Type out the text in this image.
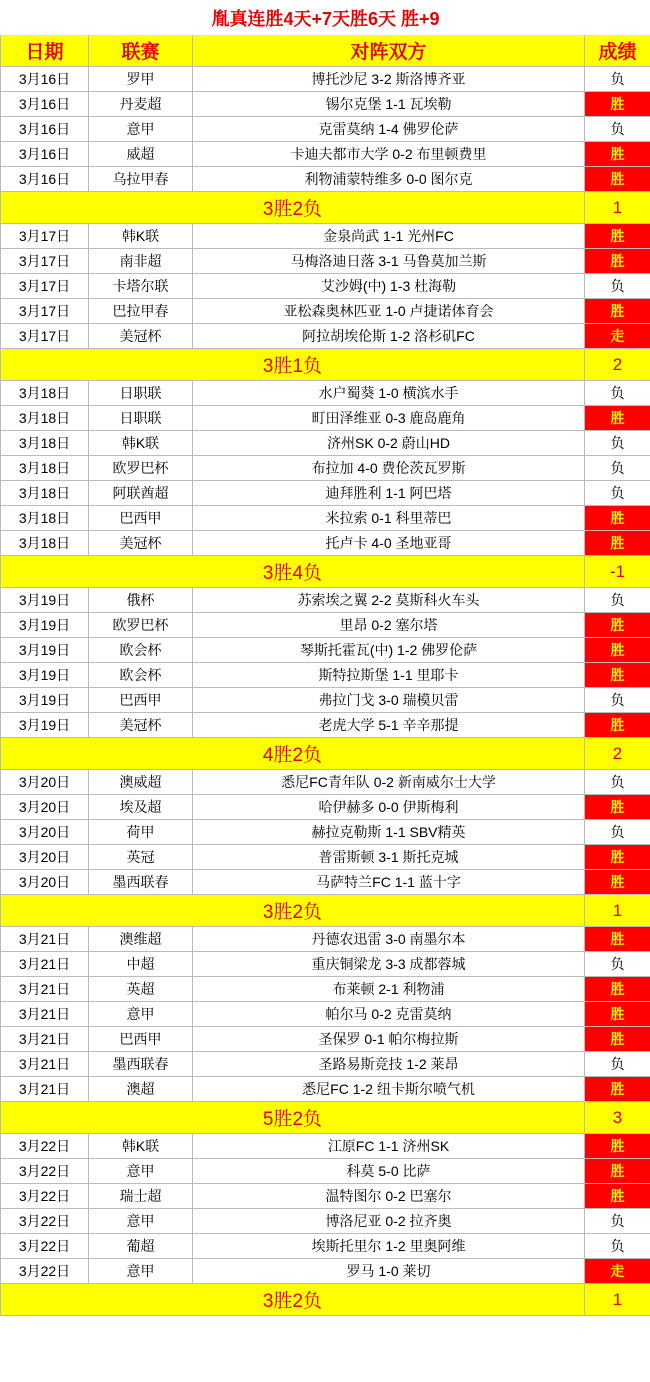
胤真连胜4天+7天胜6天 胜+9			
日期	联赛	对阵双方	成绩
3月16日	罗甲	博托沙尼 3-2 斯洛博齐亚	负
3月16日	丹麦超	锡尔克堡 1-1 瓦埃勒	胜
3月16日	意甲	克雷莫纳 1-4 佛罗伦萨	负
3月16日	威超	卡迪夫都市大学 0-2 布里顿费里	胜
3月16日	乌拉甲春	利物浦蒙特维多 0-0 图尔克	胜
3胜2负			1
3月17日	韩K联	金泉尚武 1-1 光州FC	胜
3月17日	南非超	马梅洛迪日落 3-1 马鲁莫加兰斯	胜
3月17日	卡塔尔联	艾沙姆(中) 1-3 杜海勒	负
3月17日	巴拉甲春	亚松森奥林匹亚 1-0 卢捷诺体育会	胜
3月17日	美冠杯	阿拉胡埃伦斯 1-2 洛杉矶FC	走
3胜1负			2
3月18日	日职联	水户蜀葵 1-0 横滨水手	负
3月18日	日职联	町田泽维亚 0-3 鹿岛鹿角	胜
3月18日	韩K联	济州SK 0-2 蔚山HD	负
3月18日	欧罗巴杯	布拉加 4-0 费伦茨瓦罗斯	负
3月18日	阿联酋超	迪拜胜利 1-1 阿巴塔	负
3月18日	巴西甲	米拉索 0-1 科里蒂巴	胜
3月18日	美冠杯	托卢卡 4-0 圣地亚哥	胜
3胜4负			-1
3月19日	俄杯	苏索埃之翼 2-2 莫斯科火车头	负
3月19日	欧罗巴杯	里昂 0-2 塞尔塔	胜
3月19日	欧会杯	琴斯托霍瓦(中) 1-2 佛罗伦萨	胜
3月19日	欧会杯	斯特拉斯堡 1-1 里耶卡	胜
3月19日	巴西甲	弗拉门戈 3-0 瑞模贝雷	负
3月19日	美冠杯	老虎大学 5-1 辛辛那提	胜
4胜2负			2
3月20日	澳威超	悉尼FC青年队 0-2 新南威尔士大学	负
3月20日	埃及超	哈伊赫多 0-0 伊斯梅利	胜
3月20日	荷甲	赫拉克勒斯 1-1 SBV精英	负
3月20日	英冠	普雷斯顿 3-1 斯托克城	胜
3月20日	墨西联春	马萨特兰FC 1-1 蓝十字	胜
3胜2负			1
3月21日	澳维超	丹德农迅雷 3-0 南墨尔本	胜
3月21日	中超	重庆铜梁龙 3-3 成都蓉城	负
3月21日	英超	布莱顿 2-1 利物浦	胜
3月21日	意甲	帕尔马 0-2 克雷莫纳	胜
3月21日	巴西甲	圣保罗 0-1 帕尔梅拉斯	胜
3月21日	墨西联春	圣路易斯竞技 1-2 莱昂	负
3月21日	澳超	悉尼FC 1-2 纽卡斯尔喷气机	胜
5胜2负			3
3月22日	韩K联	江原FC 1-1 济州SK	胜
3月22日	意甲	科莫 5-0 比萨	胜
3月22日	瑞士超	温特图尔 0-2 巴塞尔	胜
3月22日	意甲	博洛尼亚 0-2 拉齐奥	负
3月22日	葡超	埃斯托里尔 1-2 里奥阿维	负
3月22日	意甲	罗马 1-0 莱切	走
3胜2负			1
